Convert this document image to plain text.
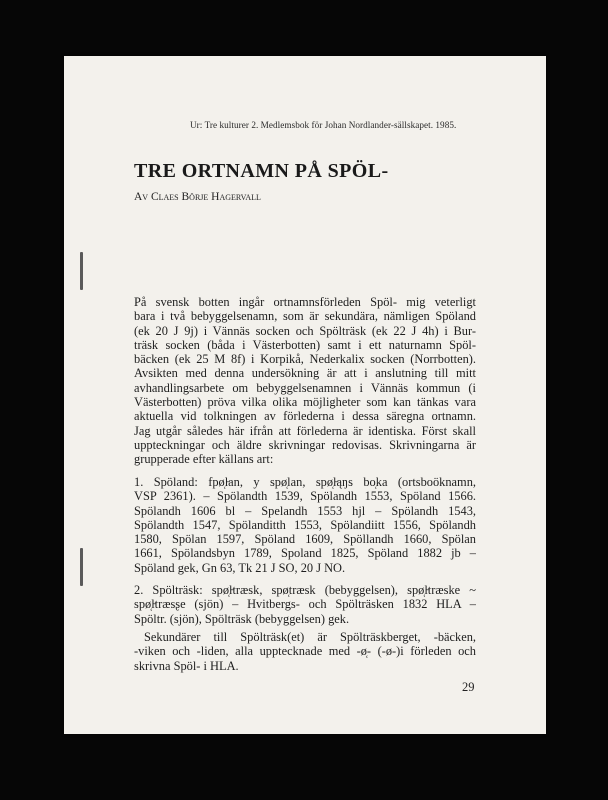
Ur: Tre kulturer 2. Medlemsbok för Johan Nordlander-sällskapet. 1985.
TRE ORTNAMN PÅ SPÖL-
Av Claes Börje Hagervall
På svensk botten ingår ortnamnsförleden Spöl- mig veterligt
bara i två bebyggelsenamn, som är sekundära, nämligen Spöland
(ek 20 J 9j) i Vännäs socken och Spölträsk (ek 22 J 4h) i Bur-
träsk socken (båda i Västerbotten) samt i ett naturnamn Spöl-
bäcken (ek 25 M 8f) i Korpikå, Nederkalix socken (Norrbotten).
Avsikten med denna undersökning är att i anslutning till mitt
avhandlingsarbete om bebyggelsenamnen i Vännäs kommun (i
Västerbotten) pröva vilka olika möjligheter som kan tänkas vara
aktuella vid tolkningen av förlederna i dessa säregna ortnamn.
Jag utgår således här ifrån att förlederna är identiska. Först skall
uppteckningar och äldre skrivningar redovisas. Skrivningarna är
grupperade efter källans art:
1. Spöland: fpø̜l̵an, y spø̜lan, spø̜l̵ąŋs bo̜ka (ortsboöknamn,
VSP 2361). – Spölandth 1539, Spölandh 1553, Spöland 1566.
Spölandh 1606 bl – Spelandh 1553 hjl – Spölandh 1543,
Spölandth 1547, Spölanditth 1553, Spölandiitt 1556, Spölandh
1580, Spölan 1597, Spöland 1609, Spöllandh 1660, Spölan
1661, Spölandsbyn 1789, Spoland 1825, Spöland 1882 jb –
Spöland gek, Gn 63, Tk 21 J SO, 20 J NO.
2. Spölträsk: spø̜l̵træsk, spø̜træsk (bebyggelsen), spø̜l̵træske ~
spø̜l̵træsʂe (sjön) – Hvitbergs- och Spölträsken 1832 HLA –
Spöltr. (sjön), Spölträsk (bebyggelsen) gek.
Sekundärer till Spölträsk(et) är Spölträskberget, -bäcken,
-viken och -liden, alla upptecknade med -ø̜- (-ø-)i förleden och
skrivna Spöl- i HLA.
29
